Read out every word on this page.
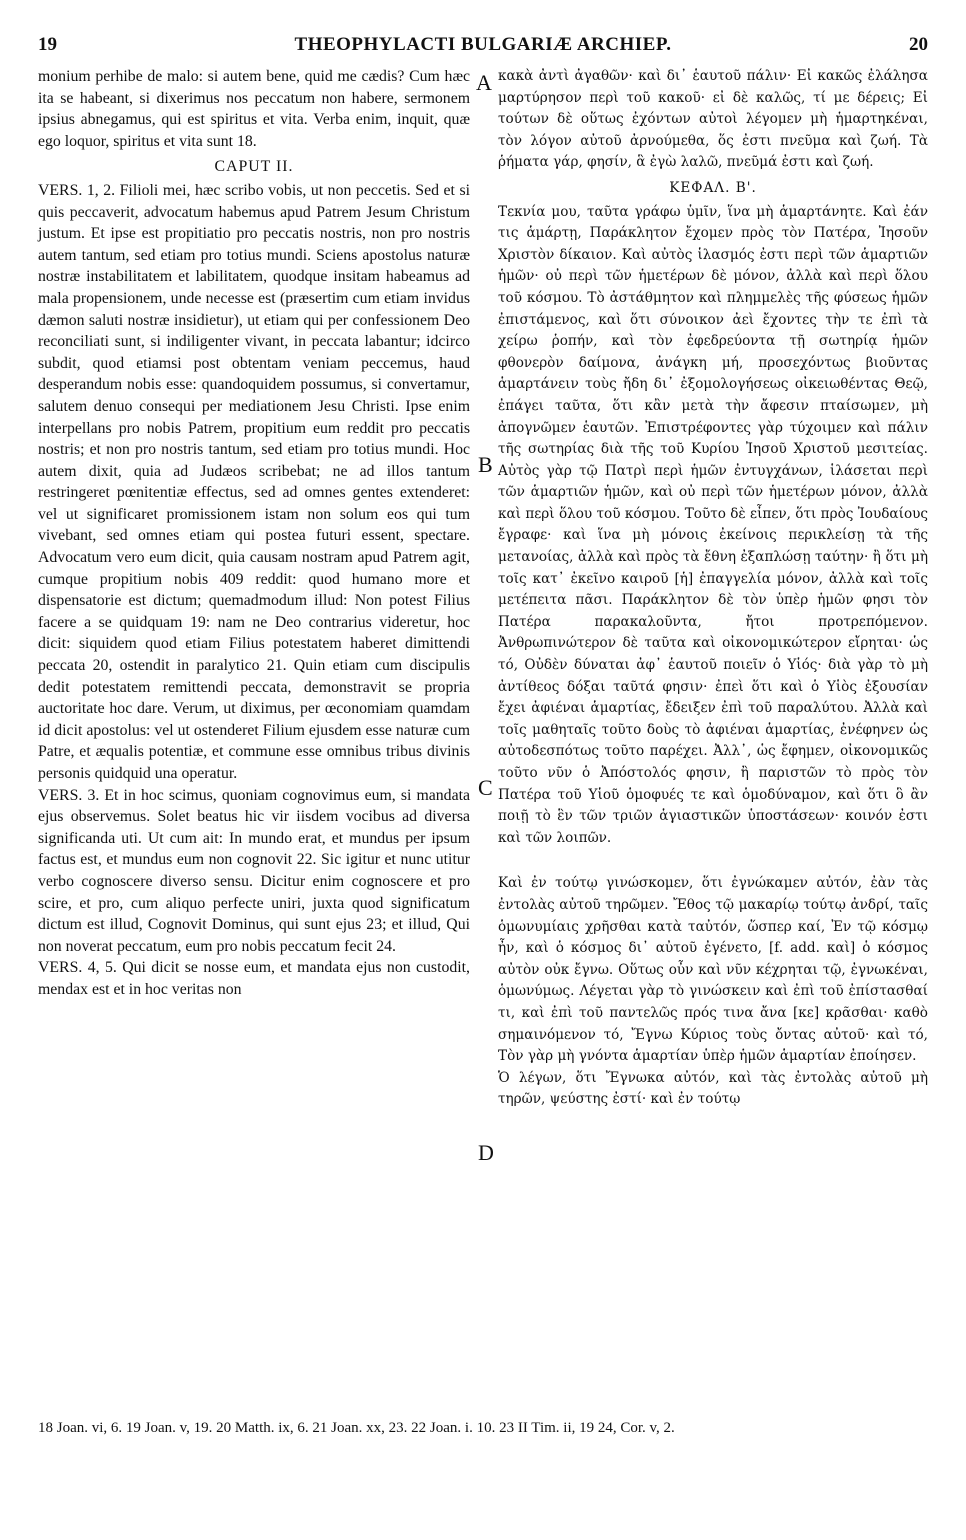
19	THEOPHYLACTI BULGARIÆ ARCHIEP.	20

monium perhibe de malo: si autem bene, quid me cædis? Cum hæc ita se habeant, si dixerimus nos peccatum non habere, sermonem ipsius abnegamus, qui est spiritus et vita. Verba enim, inquit, quæ ego loquor, spiritus et vita sunt 18.

CAPUT II.

VERS. 1, 2. Filioli mei, hæc scribo vobis, ut non peccetis. Sed et si quis peccaverit, advocatum habemus apud Patrem Jesum Christum justum. Et ipse est propitiatio pro peccatis nostris, non pro nostris autem tantum, sed etiam pro totius mundi. Sciens apostolus naturæ nostræ instabilitatem et labilitatem, quodque insitam habeamus ad mala propensionem, unde necesse est (præsertim cum etiam invidus dæmon saluti nostræ insidietur), ut etiam qui per confessionem Deo reconciliati sunt, si indiligenter vivant, in peccata labantur; idcirco subdit, quod etiamsi post obtentam veniam peccemus, haud desperandum nobis esse: quandoquidem possumus, si convertamur, salutem denuo consequi per mediationem Jesu Christi. Ipse enim interpellans pro nobis Patrem, propitium eum reddit pro peccatis nostris; et non pro nostris tantum, sed etiam pro totius mundi. Hoc autem dixit, quia ad Judæos scribebat; ne ad illos tantum restringeret pœnitentiæ effectus, sed ad omnes gentes extenderet: vel ut significaret promissionem istam non solum eos qui tum vivebant, sed omnes etiam qui postea futuri essent, spectare. Advocatum vero eum dicit, quia causam nostram apud Patrem agit, cumque propitium nobis 409 reddit: quod humano more et dispensatorie est dictum; quemadmodum illud: Non potest Filius facere a se quidquam 19: nam ne Deo contrarius videretur, hoc dicit: siquidem quod etiam Filius potestatem haberet dimittendi peccata 20, ostendit in paralytico 21. Quin etiam cum discipulis dedit potestatem remittendi peccata, demonstravit se propria auctoritate hoc dare. Verum, ut diximus, per œconomiam quamdam id dicit apostolus: vel ut ostenderet Filium ejusdem esse naturæ cum Patre, et æqualis potentiæ, et commune esse omnibus tribus divinis personis quidquid una operatur.

VERS. 3. Et in hoc scimus, quoniam cognovimus eum, si mandata ejus observemus. Solet beatus hic vir iisdem vocibus ad diversa significanda uti. Ut cum ait: In mundo erat, et mundus per ipsum factus est, et mundus eum non cognovit 22. Sic igitur et nunc utitur verbo cognoscere diverso sensu. Dicitur enim cognoscere et pro scire, et pro, cum aliquo perfecte uniri, juxta quod significatum dictum est illud, Cognovit Dominus, qui sunt ejus 23; et illud, Qui non noverat peccatum, eum pro nobis peccatum fecit 24.

VERS. 4, 5. Qui dicit se nosse eum, et mandata ejus non custodit, mendax est et in hoc veritas non

κακὰ ἀντὶ ἀγαθῶν· καὶ δι᾽ ἑαυτοῦ πάλιν· Εἰ κακῶς ἐλάλησα μαρτύρησον περὶ τοῦ κακοῦ· εἰ δὲ καλῶς, τί με δέρεις; Εἰ τούτων δὲ οὕτως ἐχόντων αὐτοὶ λέγομεν μὴ ἡμαρτηκέναι, τὸν λόγον αὐτοῦ ἀρνούμεθα, ὅς ἐστι πνεῦμα καὶ ζωή. Τὰ ῥήματα γάρ, φησίν, ἃ ἐγὼ λαλῶ, πνεῦμά ἐστι καὶ ζωή.

ΚΕΦΑΛ. Β'.

Τεκνία μου, ταῦτα γράφω ὑμῖν, ἵνα μὴ ἁμαρτάνητε. Καὶ ἐάν τις ἁμάρτῃ, Παράκλητον ἔχομεν πρὸς τὸν Πατέρα, Ἰησοῦν Χριστὸν δίκαιον. Καὶ αὐτὸς ἱλασμός ἐστι περὶ τῶν ἁμαρτιῶν ἡμῶν· οὐ περὶ τῶν ἡμετέρων δὲ μόνον, ἀλλὰ καὶ περὶ ὅλου τοῦ κόσμου. Τὸ ἀστάθμητον καὶ πλημμελὲς τῆς φύσεως ἡμῶν ἐπιστάμενος, καὶ ὅτι σύνοικον ἀεὶ ἔχοντες τὴν τε ἐπὶ τὰ χείρω ῥοπήν, καὶ τὸν ἐφεδρεύοντα τῇ σωτηρίᾳ ἡμῶν φθονερὸν δαίμονα, ἀνάγκη μή, προσεχόντως βιοῦντας ἁμαρτάνειν τοὺς ἤδη δι᾽ ἐξομολογήσεως οἰκειωθέντας Θεῷ, ἐπάγει ταῦτα, ὅτι κἂν μετὰ τὴν ἄφεσιν πταίσωμεν, μὴ ἀπογνῶμεν ἑαυτῶν. Ἐπιστρέφοντες γὰρ τύχοιμεν καὶ πάλιν τῆς σωτηρίας διὰ τῆς τοῦ Κυρίου Ἰησοῦ Χριστοῦ μεσιτείας. Αὐτὸς γὰρ τῷ Πατρὶ περὶ ἡμῶν ἐντυγχάνων, ἱλάσεται περὶ τῶν ἁμαρτιῶν ἡμῶν, καὶ οὐ περὶ τῶν ἡμετέρων μόνον, ἀλλὰ καὶ περὶ ὅλου τοῦ κόσμου. Τοῦτο δὲ εἶπεν, ὅτι πρὸς Ἰουδαίους ἔγραφε· καὶ ἵνα μὴ μόνοις ἐκείνοις περικλείσῃ τὰ τῆς μετανοίας, ἀλλὰ καὶ πρὸς τὰ ἔθνη ἐξαπλώσῃ ταύτην· ἢ ὅτι μὴ τοῖς κατ᾽ ἐκεῖνο καιροῦ [ἡ] ἐπαγγελία μόνον, ἀλλὰ καὶ τοῖς μετέπειτα πᾶσι. Παράκλητον δὲ τὸν ὑπὲρ ἡμῶν φησι τὸν Πατέρα παρακαλοῦντα, ἤτοι προτρεπόμενον. Ἀνθρωπινώτερον δὲ ταῦτα καὶ οἰκονομικώτερον εἴρηται· ὡς τό, Οὐδὲν δύναται ἀφ᾽ ἑαυτοῦ ποιεῖν ὁ Υἱός· διὰ γὰρ τὸ μὴ ἀντίθεος δόξαι ταῦτά φησιν· ἐπεὶ ὅτι καὶ ὁ Υἱὸς ἐξουσίαν ἔχει ἀφιέναι ἁμαρτίας, ἔδειξεν ἐπὶ τοῦ παραλύτου. Ἀλλὰ καὶ τοῖς μαθηταῖς τοῦτο δοὺς τὸ ἀφιέναι ἁμαρτίας, ἐνέφηνεν ὡς αὐτοδεσπότως τοῦτο παρέχει. Ἀλλ᾽, ὡς ἔφημεν, οἰκονομικῶς τοῦτο νῦν ὁ Ἀπόστολός φησιν, ἢ παριστῶν τὸ πρὸς τὸν Πατέρα τοῦ Υἱοῦ ὁμοφυές τε καὶ ὁμοδύναμον, καὶ ὅτι ὃ ἂν ποιῇ τὸ ἓν τῶν τριῶν ἁγιαστικῶν ὑποστάσεων· κοινόν ἐστι καὶ τῶν λοιπῶν.

Καὶ ἐν τούτῳ γινώσκομεν, ὅτι ἐγνώκαμεν αὐτόν, ἐὰν τὰς ἐντολὰς αὐτοῦ τηρῶμεν. Ἔθος τῷ μακαρίῳ τούτῳ ἀνδρί, ταῖς ὁμωνυμίαις χρῆσθαι κατὰ ταὐτόν, ὥσπερ καί, Ἐν τῷ κόσμῳ ἦν, καὶ ὁ κόσμος δι᾽ αὐτοῦ ἐγένετο, [f. add. καὶ] ὁ κόσμος αὐτὸν οὐκ ἔγνω. Οὕτως οὖν καὶ νῦν κέχρηται τῷ, ἐγνωκέναι, ὁμωνύμως. Λέγεται γὰρ τὸ γινώσκειν καὶ ἐπὶ τοῦ ἐπίστασθαί τι, καὶ ἐπὶ τοῦ παντελῶς πρός τινα ἄνα [κε] κρᾶσθαι· καθὸ σημαινόμενον τό, Ἔγνω Κύριος τοὺς ὄντας αὐτοῦ· καὶ τό, Τὸν γὰρ μὴ γνόντα ἁμαρτίαν ὑπὲρ ἡμῶν ἁμαρτίαν ἐποίησεν.

Ὁ λέγων, ὅτι Ἔγνωκα αὐτόν, καὶ τὰς ἐντολὰς αὐτοῦ μὴ τηρῶν, ψεύστης ἐστί· καὶ ἐν τούτῳ

A
B
C
D
18 Joan. vi, 6. 19 Joan. v, 19. 20 Matth. ix, 6. 21 Joan. xx, 23. 22 Joan. i. 10. 23 II Tim. ii, 19 24, Cor. v, 2.
